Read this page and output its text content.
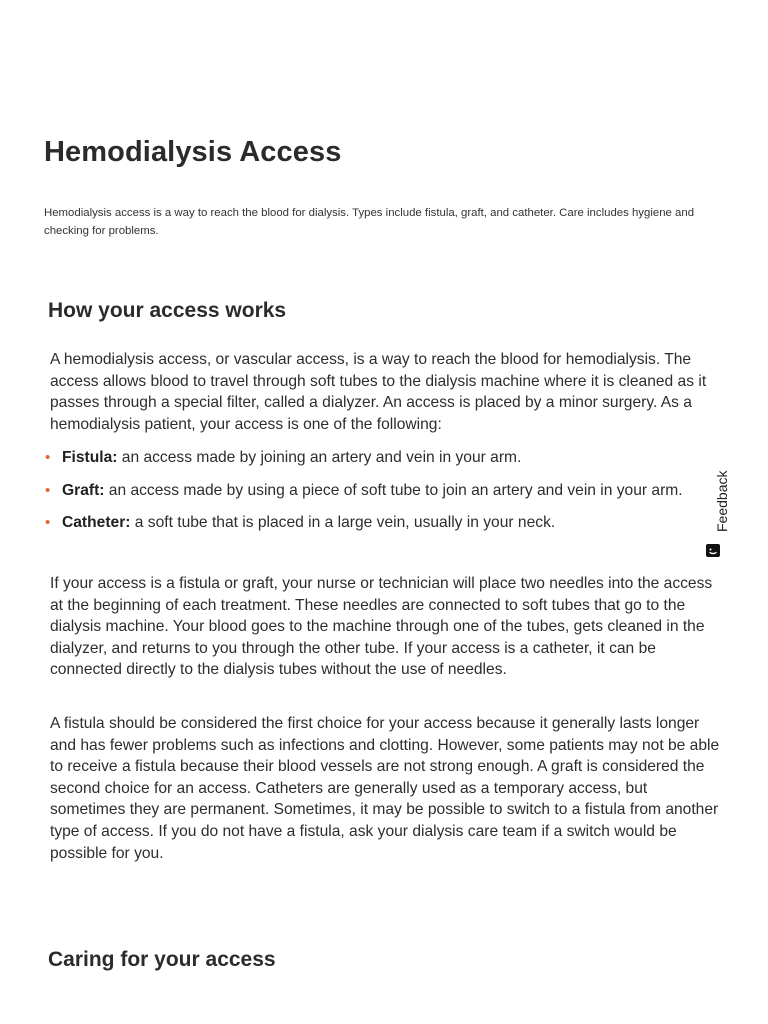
Hemodialysis Access

Hemodialysis access is a way to reach the blood for dialysis. Types include fistula, graft, and catheter. Care includes hygiene and checking for problems.

How your access works

A hemodialysis access, or vascular access, is a way to reach the blood for hemodialysis. The access allows blood to travel through soft tubes to the dialysis machine where it is cleaned as it passes through a special filter, called a dialyzer. An access is placed by a minor surgery. As a hemodialysis patient, your access is one of the following:

• Fistula: an access made by joining an artery and vein in your arm.
• Graft: an access made by using a piece of soft tube to join an artery and vein in your arm.
• Catheter: a soft tube that is placed in a large vein, usually in your neck.

If your access is a fistula or graft, your nurse or technician will place two needles into the access at the beginning of each treatment. These needles are connected to soft tubes that go to the dialysis machine. Your blood goes to the machine through one of the tubes, gets cleaned in the dialyzer, and returns to you through the other tube. If your access is a catheter, it can be connected directly to the dialysis tubes without the use of needles.

A fistula should be considered the first choice for your access because it generally lasts longer and has fewer problems such as infections and clotting. However, some patients may not be able to receive a fistula because their blood vessels are not strong enough. A graft is considered the second choice for an access. Catheters are generally used as a temporary access, but sometimes they are permanent. Sometimes, it may be possible to switch to a fistula from another type of access. If you do not have a fistula, ask your dialysis care team if a switch would be possible for you.

Caring for your access
Feedback
